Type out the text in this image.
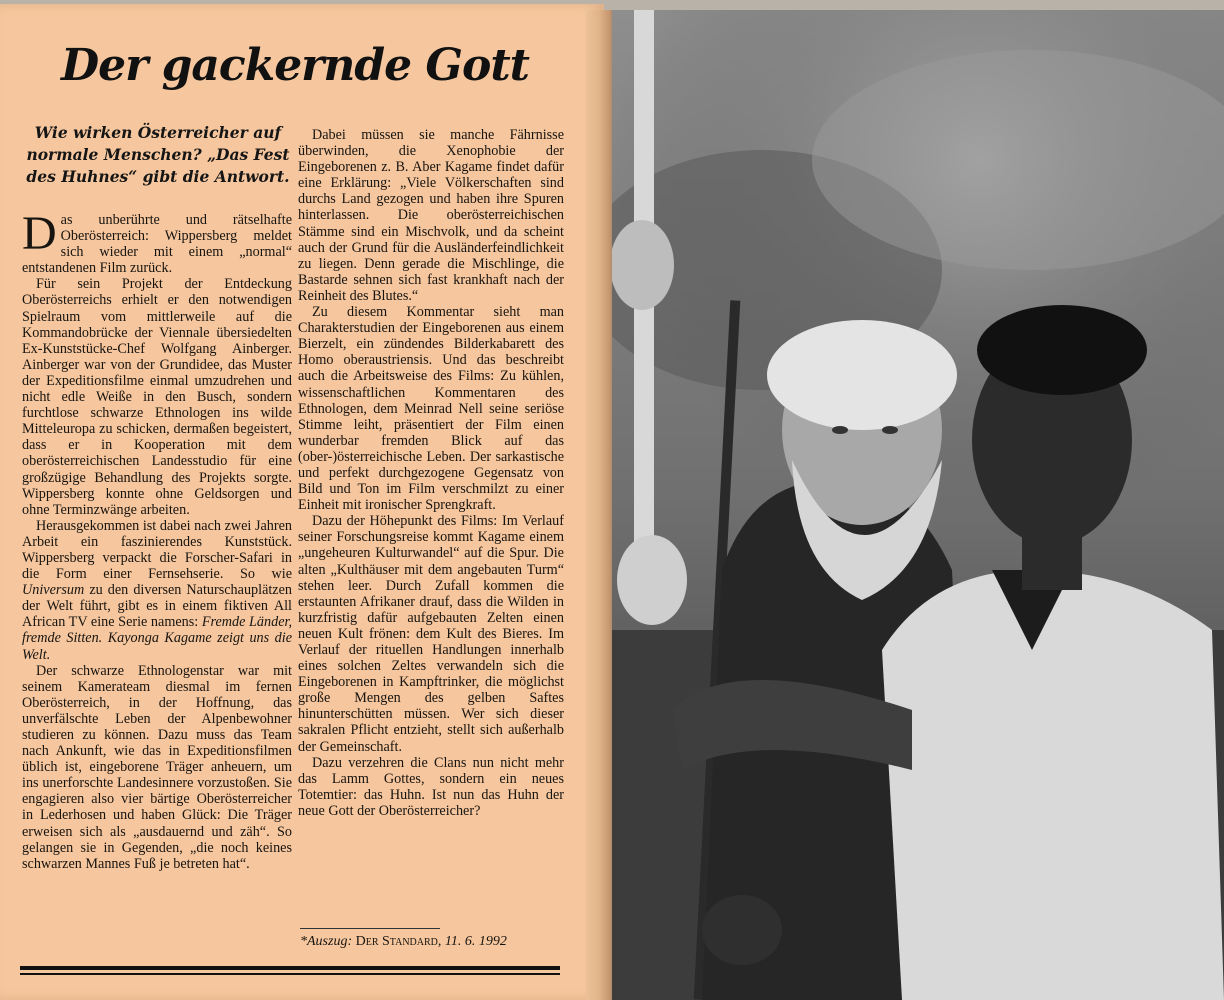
Der gackernde Gott
Wie wirken Österreicher auf normale Menschen? „Das Fest des Huhnes“ gibt die Antwort.

Das unberührte und rätselhafte Oberösterreich: Wippersberg meldet sich wieder mit einem „normal“ entstandenen Film zurück.

Für sein Projekt der Entdeckung Oberösterreichs erhielt er den notwendigen Spielraum vom mittlerweile auf die Kommandobrücke der Viennale übersiedelten Ex-Kunststücke-Chef Wolfgang Ainberger. Ainberger war von der Grundidee, das Muster der Expeditionsfilme einmal umzudrehen und nicht edle Weiße in den Busch, sondern furchtlose schwarze Ethnologen ins wilde Mitteleuropa zu schicken, dermaßen begeistert, dass er in Kooperation mit dem oberösterreichischen Landesstudio für eine großzügige Behandlung des Projekts sorgte. Wippersberg konnte ohne Geldsorgen und ohne Terminzwänge arbeiten.

Herausgekommen ist dabei nach zwei Jahren Arbeit ein faszinierendes Kunststück. Wippersberg verpackt die Forscher-Safari in die Form einer Fernsehserie. So wie Universum zu den diversen Naturschauplätzen der Welt führt, gibt es in einem fiktiven All African TV eine Serie namens: Fremde Länder, fremde Sitten. Kayonga Kagame zeigt uns die Welt.

Der schwarze Ethnologenstar war mit seinem Kamerateam diesmal im fernen Oberösterreich, in der Hoffnung, das unverfälschte Leben der Alpenbewohner studieren zu können. Dazu muss das Team nach Ankunft, wie das in Expeditionsfilmen üblich ist, eingeborene Träger anheuern, um ins unerforschte Landesinnere vorzustoßen. Sie engagieren also vier bärtige Oberösterreicher in Lederhosen und haben Glück: Die Träger erweisen sich als „ausdauernd und zäh“. So gelangen sie in Gegenden, „die noch keines schwarzen Mannes Fuß je betreten hat“.

Dabei müssen sie manche Fährnisse überwinden, die Xenophobie der Eingeborenen z. B. Aber Kagame findet dafür eine Erklärung: „Viele Völkerschaften sind durchs Land gezogen und haben ihre Spuren hinterlassen. Die oberösterreichischen Stämme sind ein Mischvolk, und da scheint auch der Grund für die Ausländerfeindlichkeit zu liegen. Denn gerade die Mischlinge, die Bastarde sehnen sich fast krankhaft nach der Reinheit des Blutes.“

Zu diesem Kommentar sieht man Charakterstudien der Eingeborenen aus einem Bierzelt, ein zündendes Bilderkabarett des Homo oberaustriensis. Und das beschreibt auch die Arbeitsweise des Films: Zu kühlen, wissenschaftlichen Kommentaren des Ethnologen, dem Meinrad Nell seine seriöse Stimme leiht, präsentiert der Film einen wunderbar fremden Blick auf das (ober-)österreichische Leben. Der sarkastische und perfekt durchgezogene Gegensatz von Bild und Ton im Film verschmilzt zu einer Einheit mit ironischer Sprengkraft.

Dazu der Höhepunkt des Films: Im Verlauf seiner Forschungsreise kommt Kagame einem „ungeheuren Kulturwandel“ auf die Spur. Die alten „Kulthäuser mit dem angebauten Turm“ stehen leer. Durch Zufall kommen die erstaunten Afrikaner drauf, dass die Wilden in kurzfristig dafür aufgebauten Zelten einen neuen Kult frönen: dem Kult des Bieres. Im Verlauf der rituellen Handlungen innerhalb eines solchen Zeltes verwandeln sich die Eingeborenen in Kampftrinker, die möglichst große Mengen des gelben Saftes hinunterschütten müssen. Wer sich dieser sakralen Pflicht entzieht, stellt sich außerhalb der Gemeinschaft.

Dazu verzehren die Clans nun nicht mehr das Lamm Gottes, sondern ein neues Totemtier: das Huhn. Ist nun das Huhn der neue Gott der Oberösterreicher?

*Auszug: Der Standard, 11. 6. 1992
